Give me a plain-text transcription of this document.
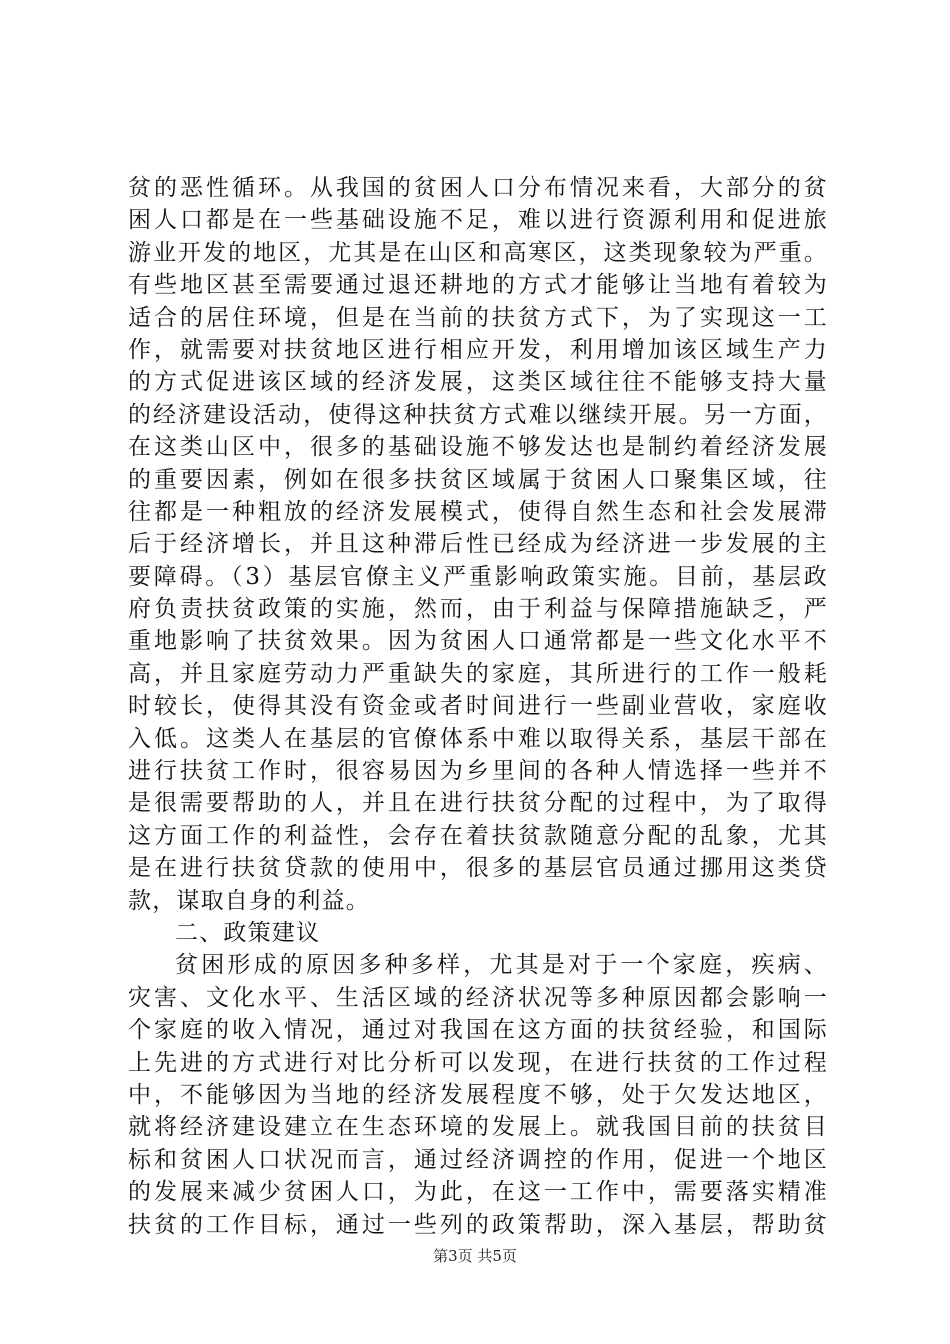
贫的恶性循环。从我国的贫困人口分布情况来看，大部分的贫
困人口都是在一些基础设施不足，难以进行资源利用和促进旅
游业开发的地区，尤其是在山区和高寒区，这类现象较为严重。
有些地区甚至需要通过退还耕地的方式才能够让当地有着较为
适合的居住环境，但是在当前的扶贫方式下，为了实现这一工
作，就需要对扶贫地区进行相应开发，利用增加该区域生产力
的方式促进该区域的经济发展，这类区域往往不能够支持大量
的经济建设活动，使得这种扶贫方式难以继续开展。另一方面，
在这类山区中，很多的基础设施不够发达也是制约着经济发展
的重要因素，例如在很多扶贫区域属于贫困人口聚集区域，往
往都是一种粗放的经济发展模式，使得自然生态和社会发展滞
后于经济增长，并且这种滞后性已经成为经济进一步发展的主
要障碍。（3）基层官僚主义严重影响政策实施。目前，基层政
府负责扶贫政策的实施，然而，由于利益与保障措施缺乏，严
重地影响了扶贫效果。因为贫困人口通常都是一些文化水平不
高，并且家庭劳动力严重缺失的家庭，其所进行的工作一般耗
时较长，使得其没有资金或者时间进行一些副业营收，家庭收
入低。这类人在基层的官僚体系中难以取得关系，基层干部在
进行扶贫工作时，很容易因为乡里间的各种人情选择一些并不
是很需要帮助的人，并且在进行扶贫分配的过程中，为了取得
这方面工作的利益性，会存在着扶贫款随意分配的乱象，尤其
是在进行扶贫贷款的使用中，很多的基层官员通过挪用这类贷
款，谋取自身的利益。
二、政策建议
贫困形成的原因多种多样，尤其是对于一个家庭，疾病、
灾害、文化水平、生活区域的经济状况等多种原因都会影响一
个家庭的收入情况，通过对我国在这方面的扶贫经验，和国际
上先进的方式进行对比分析可以发现，在进行扶贫的工作过程
中，不能够因为当地的经济发展程度不够，处于欠发达地区，
就将经济建设建立在生态环境的发展上。就我国目前的扶贫目
标和贫困人口状况而言，通过经济调控的作用，促进一个地区
的发展来减少贫困人口，为此，在这一工作中，需要落实精准
扶贫的工作目标，通过一些列的政策帮助，深入基层，帮助贫
第3页 共5页
